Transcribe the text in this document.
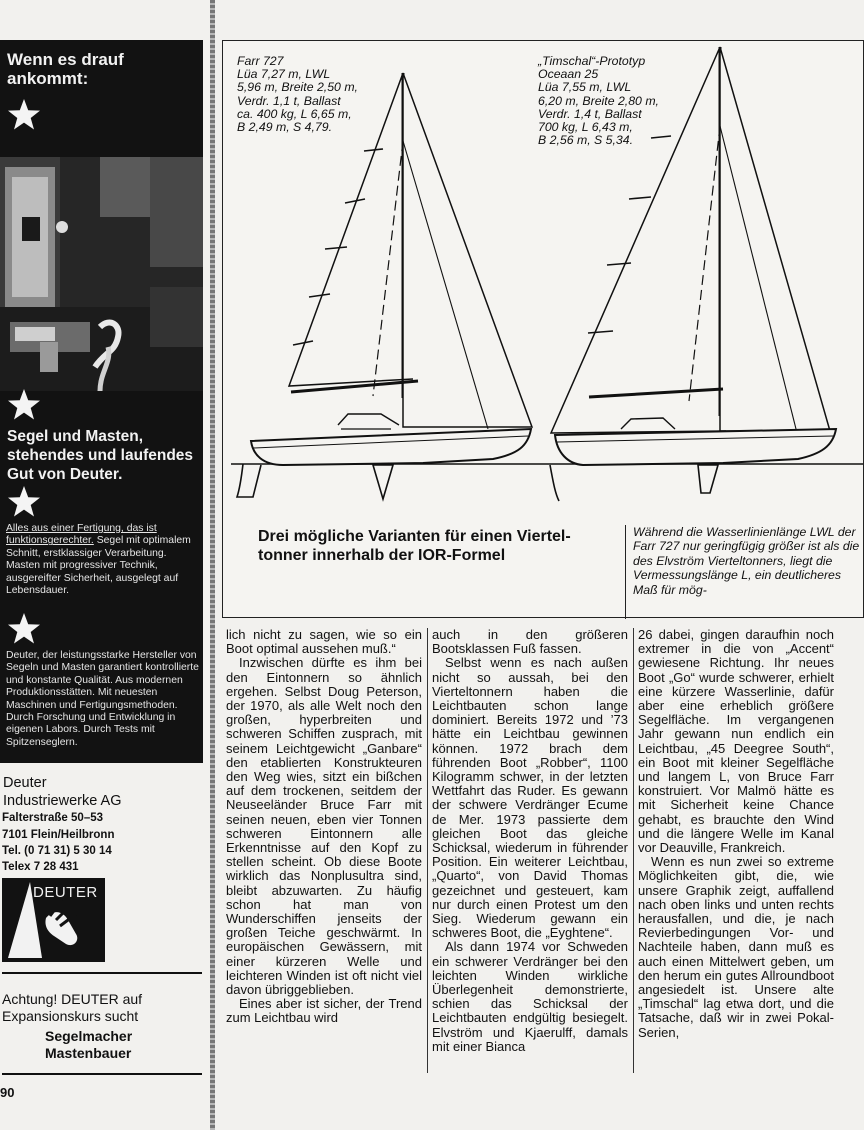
Wenn es drauf ankommt:
Segel und Masten, stehendes und laufendes Gut von Deuter.
Alles aus einer Fertigung, das ist funktionsgerechter. Segel mit optimalem Schnitt, erstklassiger Verarbeitung. Masten mit progressiver Technik, ausgereifter Sicherheit, ausgelegt auf Lebensdauer.
Deuter, der leistungsstarke Hersteller von Segeln und Masten garantiert kontrollierte und konstante Qualität. Aus modernen Produktionsstätten. Mit neuesten Maschinen und Fertigungsmethoden. Durch Forschung und Entwicklung in eigenen Labors. Durch Tests mit Spitzenseglern.
Deuter
Industriewerke AG
Falterstraße 50–53
7101 Flein/Heilbronn
Tel. (0 71 31) 5 30 14
Telex 7 28 431
DEUTER
Achtung! DEUTER auf Expansionskurs sucht
Segelmacher
Mastenbauer
90
Farr 727
Lüa 7,27 m, LWL
5,96 m, Breite 2,50 m,
Verdr. 1,1 t, Ballast
ca. 400 kg, L 6,65 m,
B 2,49 m, S 4,79.
„Timschal“-Prototyp
Oceaan 25
Lüa 7,55 m, LWL
6,20 m, Breite 2,80 m,
Verdr. 1,4 t, Ballast
700 kg, L 6,43 m,
B 2,56 m, S 5,34.
Drei mögliche Varianten für einen Viertel-tonner innerhalb der IOR-Formel
Während die Wasserlinienlänge LWL der Farr 727 nur geringfügig größer ist als die des Elvström Vierteltonners, liegt die Vermessungslänge L, ein deutlicheres Maß für mög-

lich nicht zu sagen, wie so ein Boot optimal aussehen muß.“

Inzwischen dürfte es ihm bei den Eintonnern so ähnlich ergehen. Selbst Doug Peterson, der 1970, als alle Welt noch den großen, hyperbreiten und schweren Schiffen zusprach, mit seinem Leichtgewicht „Ganbare“ den etablierten Konstrukteuren den Weg wies, sitzt ein bißchen auf dem trockenen, seitdem der Neuseeländer Bruce Farr mit seinen neuen, eben vier Tonnen schweren Eintonnern alle Erkenntnisse auf den Kopf zu stellen scheint. Ob diese Boote wirklich das Nonplusultra sind, bleibt abzuwarten. Zu häufig schon hat man von Wunderschiffen jenseits der großen Teiche geschwärmt. In europäischen Gewässern, mit einer kürzeren Welle und leichteren Winden ist oft nicht viel davon übriggeblieben.

Eines aber ist sicher, der Trend zum Leichtbau wird

auch in den größeren Bootsklassen Fuß fassen.

Selbst wenn es nach außen nicht so aussah, bei den Vierteltonnern haben die Leichtbauten schon lange dominiert. Bereits 1972 und ’73 hätte ein Leichtbau gewinnen können. 1972 brach dem führenden Boot „Robber“, 1100 Kilogramm schwer, in der letzten Wettfahrt das Ruder. Es gewann der schwere Verdränger Ecume de Mer. 1973 passierte dem gleichen Boot das gleiche Schicksal, wiederum in führender Position. Ein weiterer Leichtbau, „Quarto“, von David Thomas gezeichnet und gesteuert, kam nur durch einen Protest um den Sieg. Wiederum gewann ein schweres Boot, die „Eyghtene“.

Als dann 1974 vor Schweden ein schwerer Verdränger bei den leichten Winden wirkliche Überlegenheit demonstrierte, schien das Schicksal der Leichtbauten endgültig besiegelt. Elvström und Kjaerulff, damals mit einer Bianca

26 dabei, gingen daraufhin noch extremer in die von „Accent“ gewiesene Richtung. Ihr neues Boot „Go“ wurde schwerer, erhielt eine kürzere Wasserlinie, dafür aber eine erheblich größere Segelfläche. Im vergangenen Jahr gewann nun endlich ein Leichtbau, „45 Deegree South“, ein Boot mit kleiner Segelfläche und langem L, von Bruce Farr konstruiert. Vor Malmö hätte es mit Sicherheit keine Chance gehabt, es brauchte den Wind und die längere Welle im Kanal vor Deauville, Frankreich.

Wenn es nun zwei so extreme Möglichkeiten gibt, die, wie unsere Graphik zeigt, auffallend nach oben links und unten rechts herausfallen, und die, je nach Revierbedingungen Vor- und Nachteile haben, dann muß es auch einen Mittelwert geben, um den herum ein gutes Allroundboot angesiedelt ist. Unsere alte „Timschal“ lag etwa dort, und die Tatsache, daß wir in zwei Pokal-Serien,
